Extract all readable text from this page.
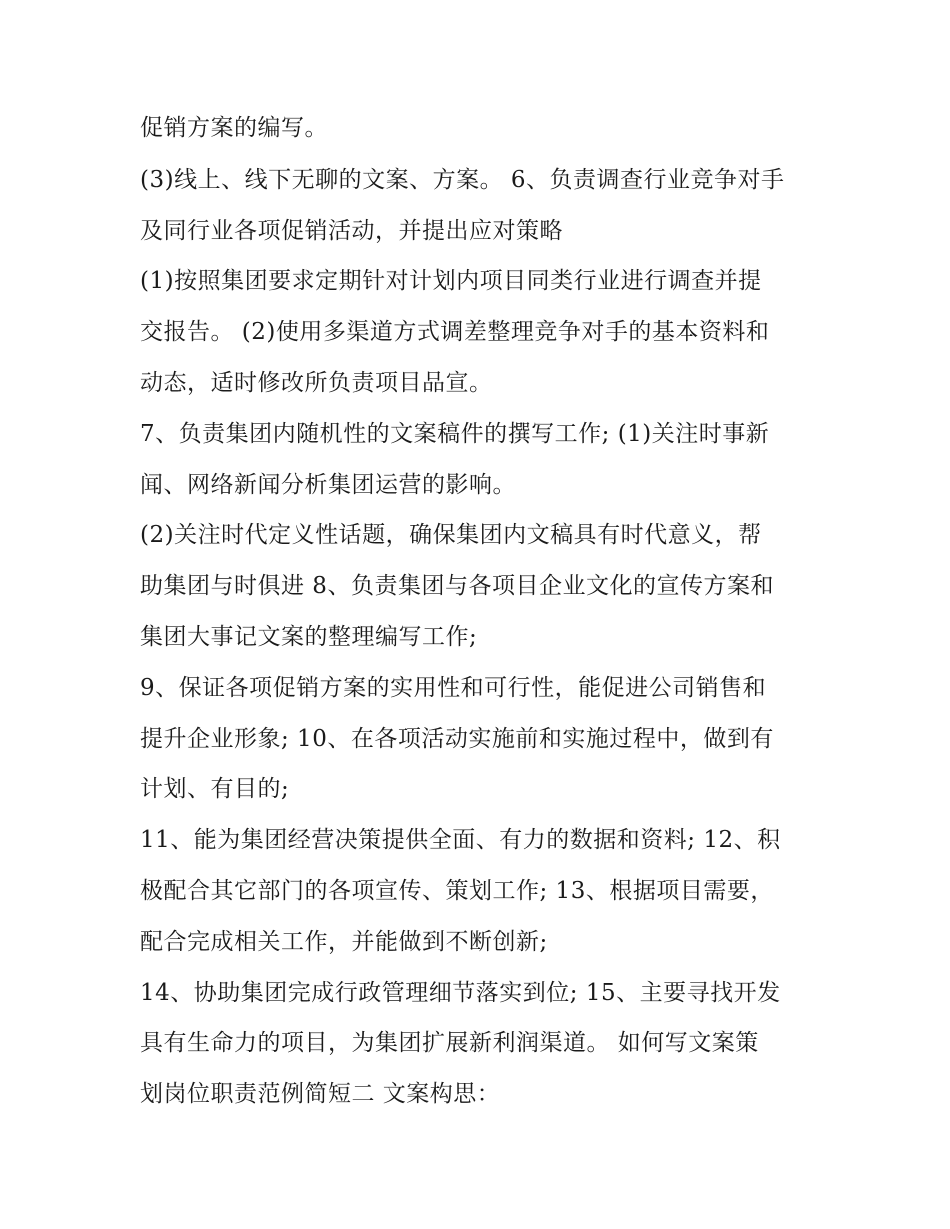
促销方案的编写。
(3)线上、线下无聊的文案、方案。 6、负责调查行业竞争对手
及同行业各项促销活动，并提出应对策略
(1)按照集团要求定期针对计划内项目同类行业进行调查并提
交报告。 (2)使用多渠道方式调差整理竞争对手的基本资料和
动态，适时修改所负责项目品宣。
7、负责集团内随机性的文案稿件的撰写工作; (1)关注时事新
闻、网络新闻分析集团运营的影响。
(2)关注时代定义性话题，确保集团内文稿具有时代意义，帮
助集团与时俱进 8、负责集团与各项目企业文化的宣传方案和
集团大事记文案的整理编写工作;
9、保证各项促销方案的实用性和可行性，能促进公司销售和
提升企业形象; 10、在各项活动实施前和实施过程中，做到有
计划、有目的;
11、能为集团经营决策提供全面、有力的数据和资料; 12、积
极配合其它部门的各项宣传、策划工作; 13、根据项目需要，
配合完成相关工作，并能做到不断创新;
14、协助集团完成行政管理细节落实到位; 15、主要寻找开发
具有生命力的项目，为集团扩展新利润渠道。 如何写文案策
划岗位职责范例简短二 文案构思：
